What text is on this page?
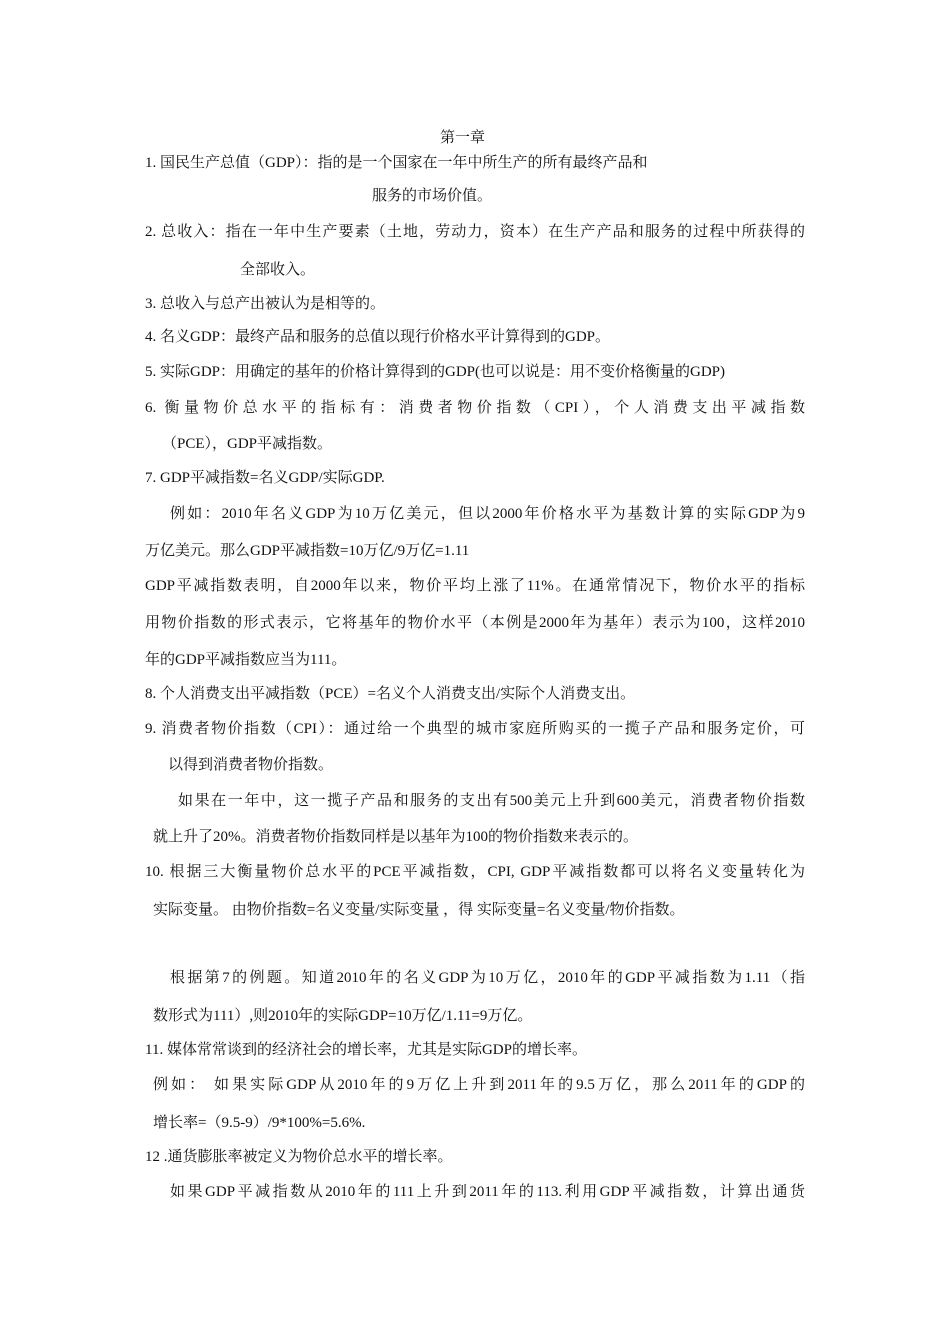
第一章
1. 国民生产总值（GDP）：指的是一个国家在一年中所生产的所有最终产品和
服务的市场价值。
2. 总收入：指在一年中生产要素（土地，劳动力，资本）在生产产品和服务的过程中所获得的
全部收入。
3. 总收入与总产出被认为是相等的。
4. 名义GDP：最终产品和服务的总值以现行价格水平计算得到的GDP。
5. 实际GDP：用确定的基年的价格计算得到的GDP(也可以说是：用不变价格衡量的GDP)
6. 衡量物价总水平的指标有：消费者物价指数（CPI），个人消费支出平减指数
（PCE），GDP平减指数。
7. GDP平减指数=名义GDP/实际GDP.
例如：2010年名义GDP为10万亿美元，但以2000年价格水平为基数计算的实际GDP为9
万亿美元。那么GDP平减指数=10万亿/9万亿=1.11
GDP平减指数表明，自2000年以来，物价平均上涨了11%。在通常情况下，物价水平的指标
用物价指数的形式表示，它将基年的物价水平（本例是2000年为基年）表示为100，这样2010
年的GDP平减指数应当为111。
8. 个人消费支出平减指数（PCE）=名义个人消费支出/实际个人消费支出。
9. 消费者物价指数（CPI）：通过给一个典型的城市家庭所购买的一揽子产品和服务定价，可
以得到消费者物价指数。
如果在一年中，这一揽子产品和服务的支出有500美元上升到600美元，消费者物价指数
就上升了20%。消费者物价指数同样是以基年为100的物价指数来表示的。
10. 根据三大衡量物价总水平的PCE平减指数，CPI, GDP平减指数都可以将名义变量转化为
实际变量。 由物价指数=名义变量/实际变量 ，得 实际变量=名义变量/物价指数。
根据第7的例题。知道2010年的名义GDP为10万亿，2010年的GDP平减指数为1.11（指
数形式为111）,则2010年的实际GDP=10万亿/1.11=9万亿。
11. 媒体常常谈到的经济社会的增长率，尤其是实际GDP的增长率。
例如： 如果实际GDP从2010年的9万亿上升到2011年的9.5万亿，那么2011年的GDP的
增长率=（9.5-9）/9*100%=5.6%.
12 .通货膨胀率被定义为物价总水平的增长率。
如果GDP平减指数从2010年的111上升到2011年的113.利用GDP平减指数，计算出通货
